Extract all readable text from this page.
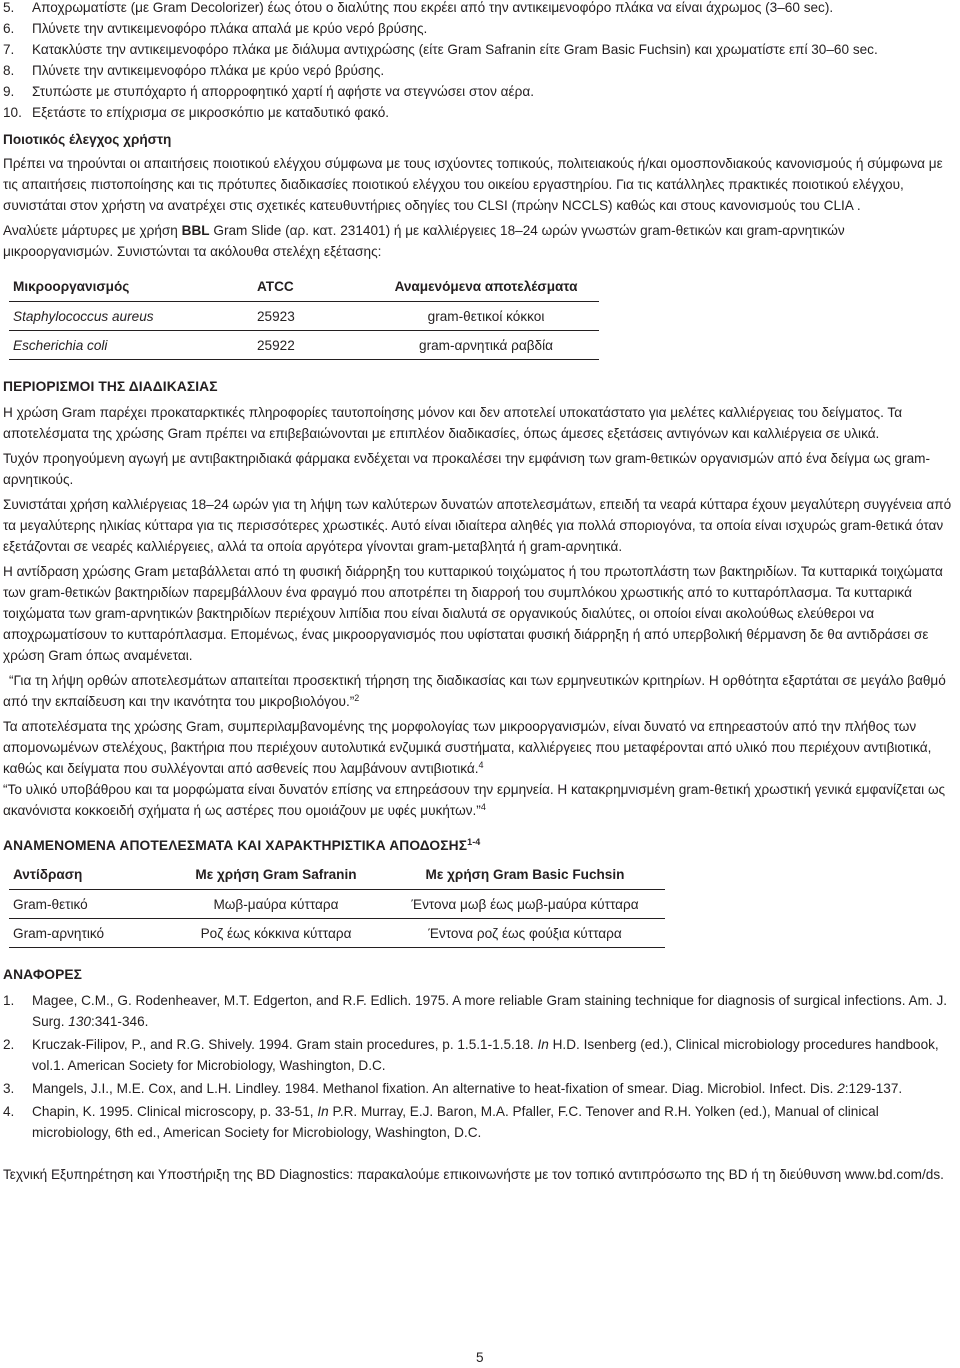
5.	Αποχρωματίστε (με Gram Decolorizer) έως ότου ο διαλύτης που εκρέει από την αντικειμενοφόρο πλάκα να είναι άχρωμος (3–60 sec).
6.	Πλύνετε την αντικειμενοφόρο πλάκα απαλά με κρύο νερό βρύσης.
7.	Κατακλύστε την αντικειμενοφόρο πλάκα με διάλυμα αντιχρώσης (είτε Gram Safranin είτε Gram Basic Fuchsin) και χρωματίστε επί 30–60 sec.
8.	Πλύνετε την αντικειμενοφόρο πλάκα με κρύο νερό βρύσης.
9.	Στυπώστε με στυπόχαρτο ή απορροφητικό χαρτί ή αφήστε να στεγνώσει στον αέρα.
10. Εξετάστε το επίχρισμα σε μικροσκόπιο με καταδυτικό φακό.
Ποιοτικός έλεγχος χρήστη

Πρέπει να τηρούνται οι απαιτήσεις ποιοτικού ελέγχου σύμφωνα με τους ισχύοντες τοπικούς, πολιτειακούς ή/και ομοσπονδιακούς κανονισμούς ή σύμφωνα με τις απαιτήσεις πιστοποίησης και τις πρότυπες διαδικασίες ποιοτικού ελέγχου του οικείου εργαστηρίου. Για τις κατάλληλες πρακτικές ποιοτικού ελέγχου, συνιστάται στον χρήστη να ανατρέχει στις σχετικές κατευθυντήριες οδηγίες του CLSI (πρώην NCCLS) καθώς και στους κανονισμούς του CLIA .

Αναλύετε μάρτυρες με χρήση BBL Gram Slide (αρ. κατ. 231401) ή με καλλιέργειες 18–24 ωρών γνωστών gram-θετικών και gram-αρνητικών μικροοργανισμών. Συνιστώνται τα ακόλουθα στελέχη εξέτασης:

Μικροοργανισμός	ATCC	Αναμενόμενα αποτελέσματα
Staphylococcus aureus	25923	gram-θετικοί κόκκοι
Escherichia coli	25922	gram-αρνητικά ραβδία
ΠΕΡΙΟΡΙΣΜΟΙ ΤΗΣ ΔΙΑΔΙΚΑΣΙΑΣ

Η χρώση Gram παρέχει προκαταρκτικές πληροφορίες ταυτοποίησης μόνον και δεν αποτελεί υποκατάστατο για μελέτες καλλιέργειας του δείγματος. Τα αποτελέσματα της χρώσης Gram πρέπει να επιβεβαιώνονται με επιπλέον διαδικασίες, όπως άμεσες εξετάσεις αντιγόνων και καλλιέργεια σε υλικά.

Τυχόν προηγούμενη αγωγή με αντιβακτηριδιακά φάρμακα ενδέχεται να προκαλέσει την εμφάνιση των gram-θετικών οργανισμών από ένα δείγμα ως gram-αρνητικούς.

Συνιστάται χρήση καλλιέργειας 18–24 ωρών για τη λήψη των καλύτερων δυνατών αποτελεσμάτων, επειδή τα νεαρά κύτταρα έχουν μεγαλύτερη συγγένεια από τα μεγαλύτερης ηλικίας κύτταρα για τις περισσότερες χρωστικές. Αυτό είναι ιδιαίτερα αληθές για πολλά σποριογόνα, τα οποία είναι ισχυρώς gram-θετικά όταν εξετάζονται σε νεαρές καλλιέργειες, αλλά τα οποία αργότερα γίνονται gram-μεταβλητά ή gram-αρνητικά.

Η αντίδραση χρώσης Gram μεταβάλλεται από τη φυσική διάρρηξη του κυτταρικού τοιχώματος ή του πρωτοπλάστη των βακτηριδίων. Τα κυτταρικά τοιχώματα των gram-θετικών βακτηριδίων παρεμβάλλουν ένα φραγμό που αποτρέπει τη διαρροή του συμπλόκου χρωστικής από το κυτταρόπλασμα. Τα κυτταρικά τοιχώματα των gram-αρνητικών βακτηριδίων περιέχουν λιπίδια που είναι διαλυτά σε οργανικούς διαλύτες, οι οποίοι είναι ακολούθως ελεύθεροι να αποχρωματίσουν το κυτταρόπλασμα. Επομένως, ένας μικροοργανισμός που υφίσταται φυσική διάρρηξη ή από υπερβολική θέρμανση δε θα αντιδράσει σε χρώση Gram όπως αναμένεται.

“Για τη λήψη ορθών αποτελεσμάτων απαιτείται προσεκτική τήρηση της διαδικασίας και των ερμηνευτικών κριτηρίων. Η ορθότητα εξαρτάται σε μεγάλο βαθμό από την εκπαίδευση και την ικανότητα του μικροβιολόγου.”$^2$

Τα αποτελέσματα της χρώσης Gram, συμπεριλαμβανομένης της μορφολογίας των μικροοργανισμών, είναι δυνατό να επηρεαστούν από την πλήθος των απομονωμένων στελέχους, βακτήρια που περιέχουν αυτολυτικά ενζυμικά συστήματα, καλλιέργειες που μεταφέρονται από υλικό που περιέχουν αντιβιοτικά, καθώς και δείγματα που συλλέγονται από ασθενείς που λαμβάνουν αντιβιοτικά.$^4$

“Το υλικό υποβάθρου και τα μορφώματα είναι δυνατόν επίσης να επηρεάσουν την ερμηνεία. Η κατακρημνισμένη gram-θετική χρωστική γενικά εμφανίζεται ως ακανόνιστα κοκκοειδή σχήματα ή ως αστέρες που ομοιάζουν με υφές μυκήτων.”$^4$

ΑΝΑΜΕΝΟΜΕΝΑ ΑΠΟΤΕΛΕΣΜΑΤΑ ΚΑΙ ΧΑΡΑΚΤΗΡΙΣΤΙΚΑ ΑΠΟΔΟΣΗΣ$^{1-4}$
Αντίδραση	Με χρήση Gram Safranin	Με χρήση Gram Basic Fuchsin
Gram-θετικό	Μωβ-μαύρα κύτταρα	Έντονα μωβ έως μωβ-μαύρα κύτταρα
Gram-αρνητικό	Ροζ έως κόκκινα κύτταρα	Έντονα ροζ έως φούξια κύτταρα
ΑΝΑΦΟΡΕΣ
1.	Magee, C.M., G. Rodenheaver, M.T. Edgerton, and R.F. Edlich. 1975. A more reliable Gram staining technique for diagnosis of surgical infections. Am. J. Surg. 130:341-346.
2.	Kruczak-Filipov, P., and R.G. Shively. 1994. Gram stain procedures, p. 1.5.1-1.5.18. In H.D. Isenberg (ed.), Clinical microbiology procedures handbook, vol.1. American Society for Microbiology, Washington, D.C.
3.	Mangels, J.I., M.E. Cox, and L.H. Lindley. 1984. Methanol fixation. An alternative to heat-fixation of smear. Diag. Microbiol. Infect. Dis. 2:129-137.
4.	Chapin, K. 1995. Clinical microscopy, p. 33-51, In P.R. Murray, E.J. Baron, M.A. Pfaller, F.C. Tenover and R.H. Yolken (ed.), Manual of clinical microbiology, 6th ed., American Society for Microbiology, Washington, D.C.

Τεχνική Εξυπηρέτηση και Υποστήριξη της BD Diagnostics: παρακαλούμε επικοινωνήστε με τον τοπικό αντιπρόσωπο της BD ή τη διεύθυνση www.bd.com/ds.

5
